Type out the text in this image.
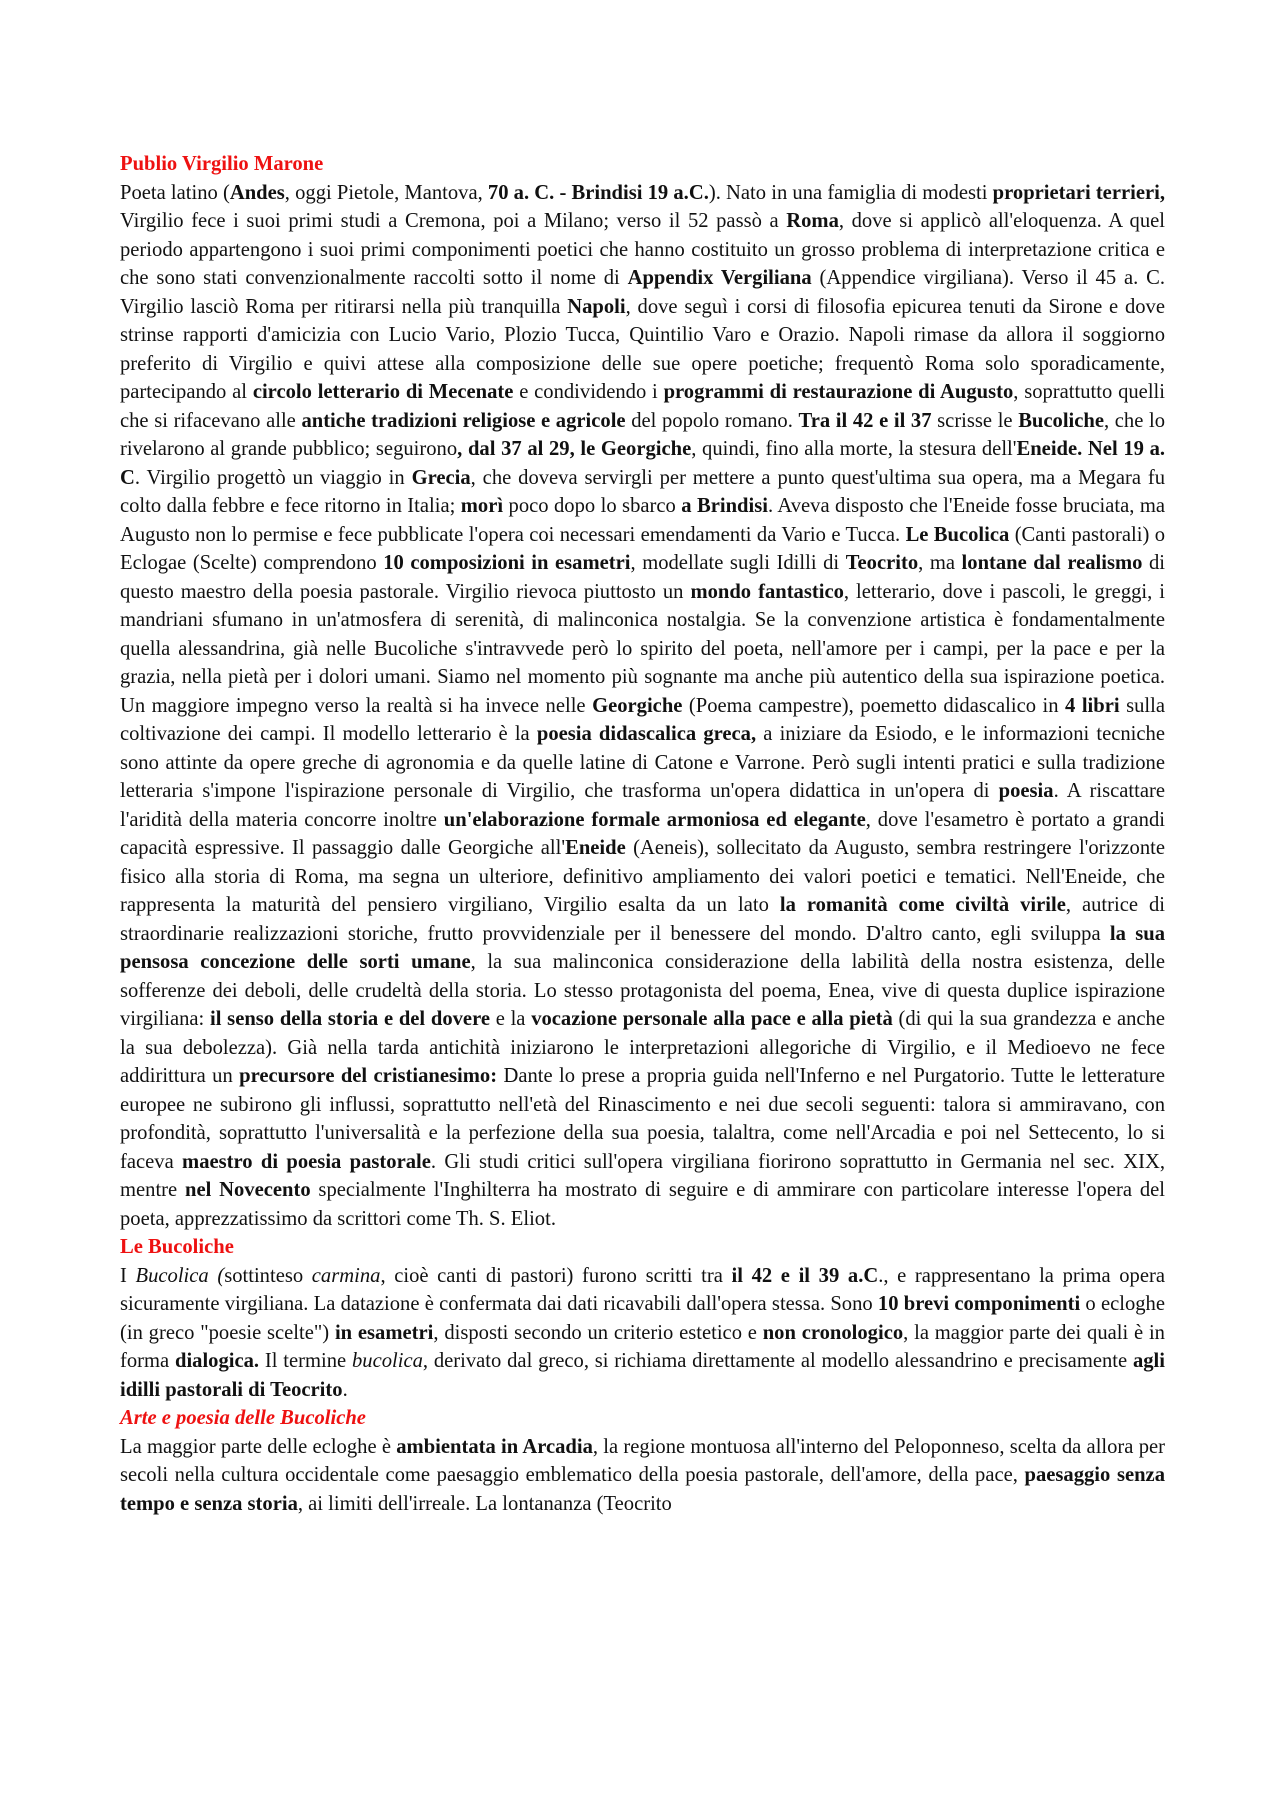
Publio Virgilio Marone

Poeta latino (Andes, oggi Pietole, Mantova, 70 a. C. - Brindisi 19 a.C.). Nato in una famiglia di modesti proprietari terrieri, Virgilio fece i suoi primi studi a Cremona, poi a Milano; verso il 52 passò a Roma, dove si applicò all'eloquenza. A quel periodo appartengono i suoi primi componimenti poetici che hanno costituito un grosso problema di interpretazione critica e che sono stati convenzionalmente raccolti sotto il nome di Appendix Vergiliana (Appendice virgiliana). Verso il 45 a. C. Virgilio lasciò Roma per ritirarsi nella più tranquilla Napoli, dove seguì i corsi di filosofia epicurea tenuti da Sirone e dove strinse rapporti d'amicizia con Lucio Vario, Plozio Tucca, Quintilio Varo e Orazio. Napoli rimase da allora il soggiorno preferito di Virgilio e quivi attese alla composizione delle sue opere poetiche; frequentò Roma solo sporadicamente, partecipando al circolo letterario di Mecenate e condividendo i programmi di restaurazione di Augusto, soprattutto quelli che si rifacevano alle antiche tradizioni religiose e agricole del popolo romano. Tra il 42 e il 37 scrisse le Bucoliche, che lo rivelarono al grande pubblico; seguirono, dal 37 al 29, le Georgiche, quindi, fino alla morte, la stesura dell'Eneide. Nel 19 a. C. Virgilio progettò un viaggio in Grecia, che doveva servirgli per mettere a punto quest'ultima sua opera, ma a Megara fu colto dalla febbre e fece ritorno in Italia; morì poco dopo lo sbarco a Brindisi. Aveva disposto che l'Eneide fosse bruciata, ma Augusto non lo permise e fece pubblicate l'opera coi necessari emendamenti da Vario e Tucca. Le Bucolica (Canti pastorali) o Eclogae (Scelte) comprendono 10 composizioni in esametri, modellate sugli Idilli di Teocrito, ma lontane dal realismo di questo maestro della poesia pastorale. Virgilio rievoca piuttosto un mondo fantastico, letterario, dove i pascoli, le greggi, i mandriani sfumano in un'atmosfera di serenità, di malinconica nostalgia. Se la convenzione artistica è fondamentalmente quella alessandrina, già nelle Bucoliche s'intravvede però lo spirito del poeta, nell'amore per i campi, per la pace e per la grazia, nella pietà per i dolori umani. Siamo nel momento più sognante ma anche più autentico della sua ispirazione poetica. Un maggiore impegno verso la realtà si ha invece nelle Georgiche (Poema campestre), poemetto didascalico in 4 libri sulla coltivazione dei campi. Il modello letterario è la poesia didascalica greca, a iniziare da Esiodo, e le informazioni tecniche sono attinte da opere greche di agronomia e da quelle latine di Catone e Varrone. Però sugli intenti pratici e sulla tradizione letteraria s'impone l'ispirazione personale di Virgilio, che trasforma un'opera didattica in un'opera di poesia. A riscattare l'aridità della materia concorre inoltre un'elaborazione formale armoniosa ed elegante, dove l'esametro è portato a grandi capacità espressive. Il passaggio dalle Georgiche all'Eneide (Aeneis), sollecitato da Augusto, sembra restringere l'orizzonte fisico alla storia di Roma, ma segna un ulteriore, definitivo ampliamento dei valori poetici e tematici. Nell'Eneide, che rappresenta la maturità del pensiero virgiliano, Virgilio esalta da un lato la romanità come civiltà virile, autrice di straordinarie realizzazioni storiche, frutto provvidenziale per il benessere del mondo. D'altro canto, egli sviluppa la sua pensosa concezione delle sorti umane, la sua malinconica considerazione della labilità della nostra esistenza, delle sofferenze dei deboli, delle crudeltà della storia. Lo stesso protagonista del poema, Enea, vive di questa duplice ispirazione virgiliana: il senso della storia e del dovere e la vocazione personale alla pace e alla pietà (di qui la sua grandezza e anche la sua debolezza). Già nella tarda antichità iniziarono le interpretazioni allegoriche di Virgilio, e il Medioevo ne fece addirittura un precursore del cristianesimo: Dante lo prese a propria guida nell'Inferno e nel Purgatorio. Tutte le letterature europee ne subirono gli influssi, soprattutto nell'età del Rinascimento e nei due secoli seguenti: talora si ammiravano, con profondità, soprattutto l'universalità e la perfezione della sua poesia, talaltra, come nell'Arcadia e poi nel Settecento, lo si faceva maestro di poesia pastorale. Gli studi critici sull'opera virgiliana fiorirono soprattutto in Germania nel sec. XIX, mentre nel Novecento specialmente l'Inghilterra ha mostrato di seguire e di ammirare con particolare interesse l'opera del poeta, apprezzatissimo da scrittori come Th. S. Eliot.

Le Bucoliche

I Bucolica (sottinteso carmina, cioè canti di pastori) furono scritti tra il 42 e il 39 a.C., e rappresentano la prima opera sicuramente virgiliana. La datazione è confermata dai dati ricavabili dall'opera stessa. Sono 10 brevi componimenti o ecloghe (in greco "poesie scelte") in esametri, disposti secondo un criterio estetico e non cronologico, la maggior parte dei quali è in forma dialogica. Il termine bucolica, derivato dal greco, si richiama direttamente al modello alessandrino e precisamente agli idilli pastorali di Teocrito.

Arte e poesia delle Bucoliche

La maggior parte delle ecloghe è ambientata in Arcadia, la regione montuosa all'interno del Peloponneso, scelta da allora per secoli nella cultura occidentale come paesaggio emblematico della poesia pastorale, dell'amore, della pace, paesaggio senza tempo e senza storia, ai limiti dell'irreale. La lontananza (Teocrito
